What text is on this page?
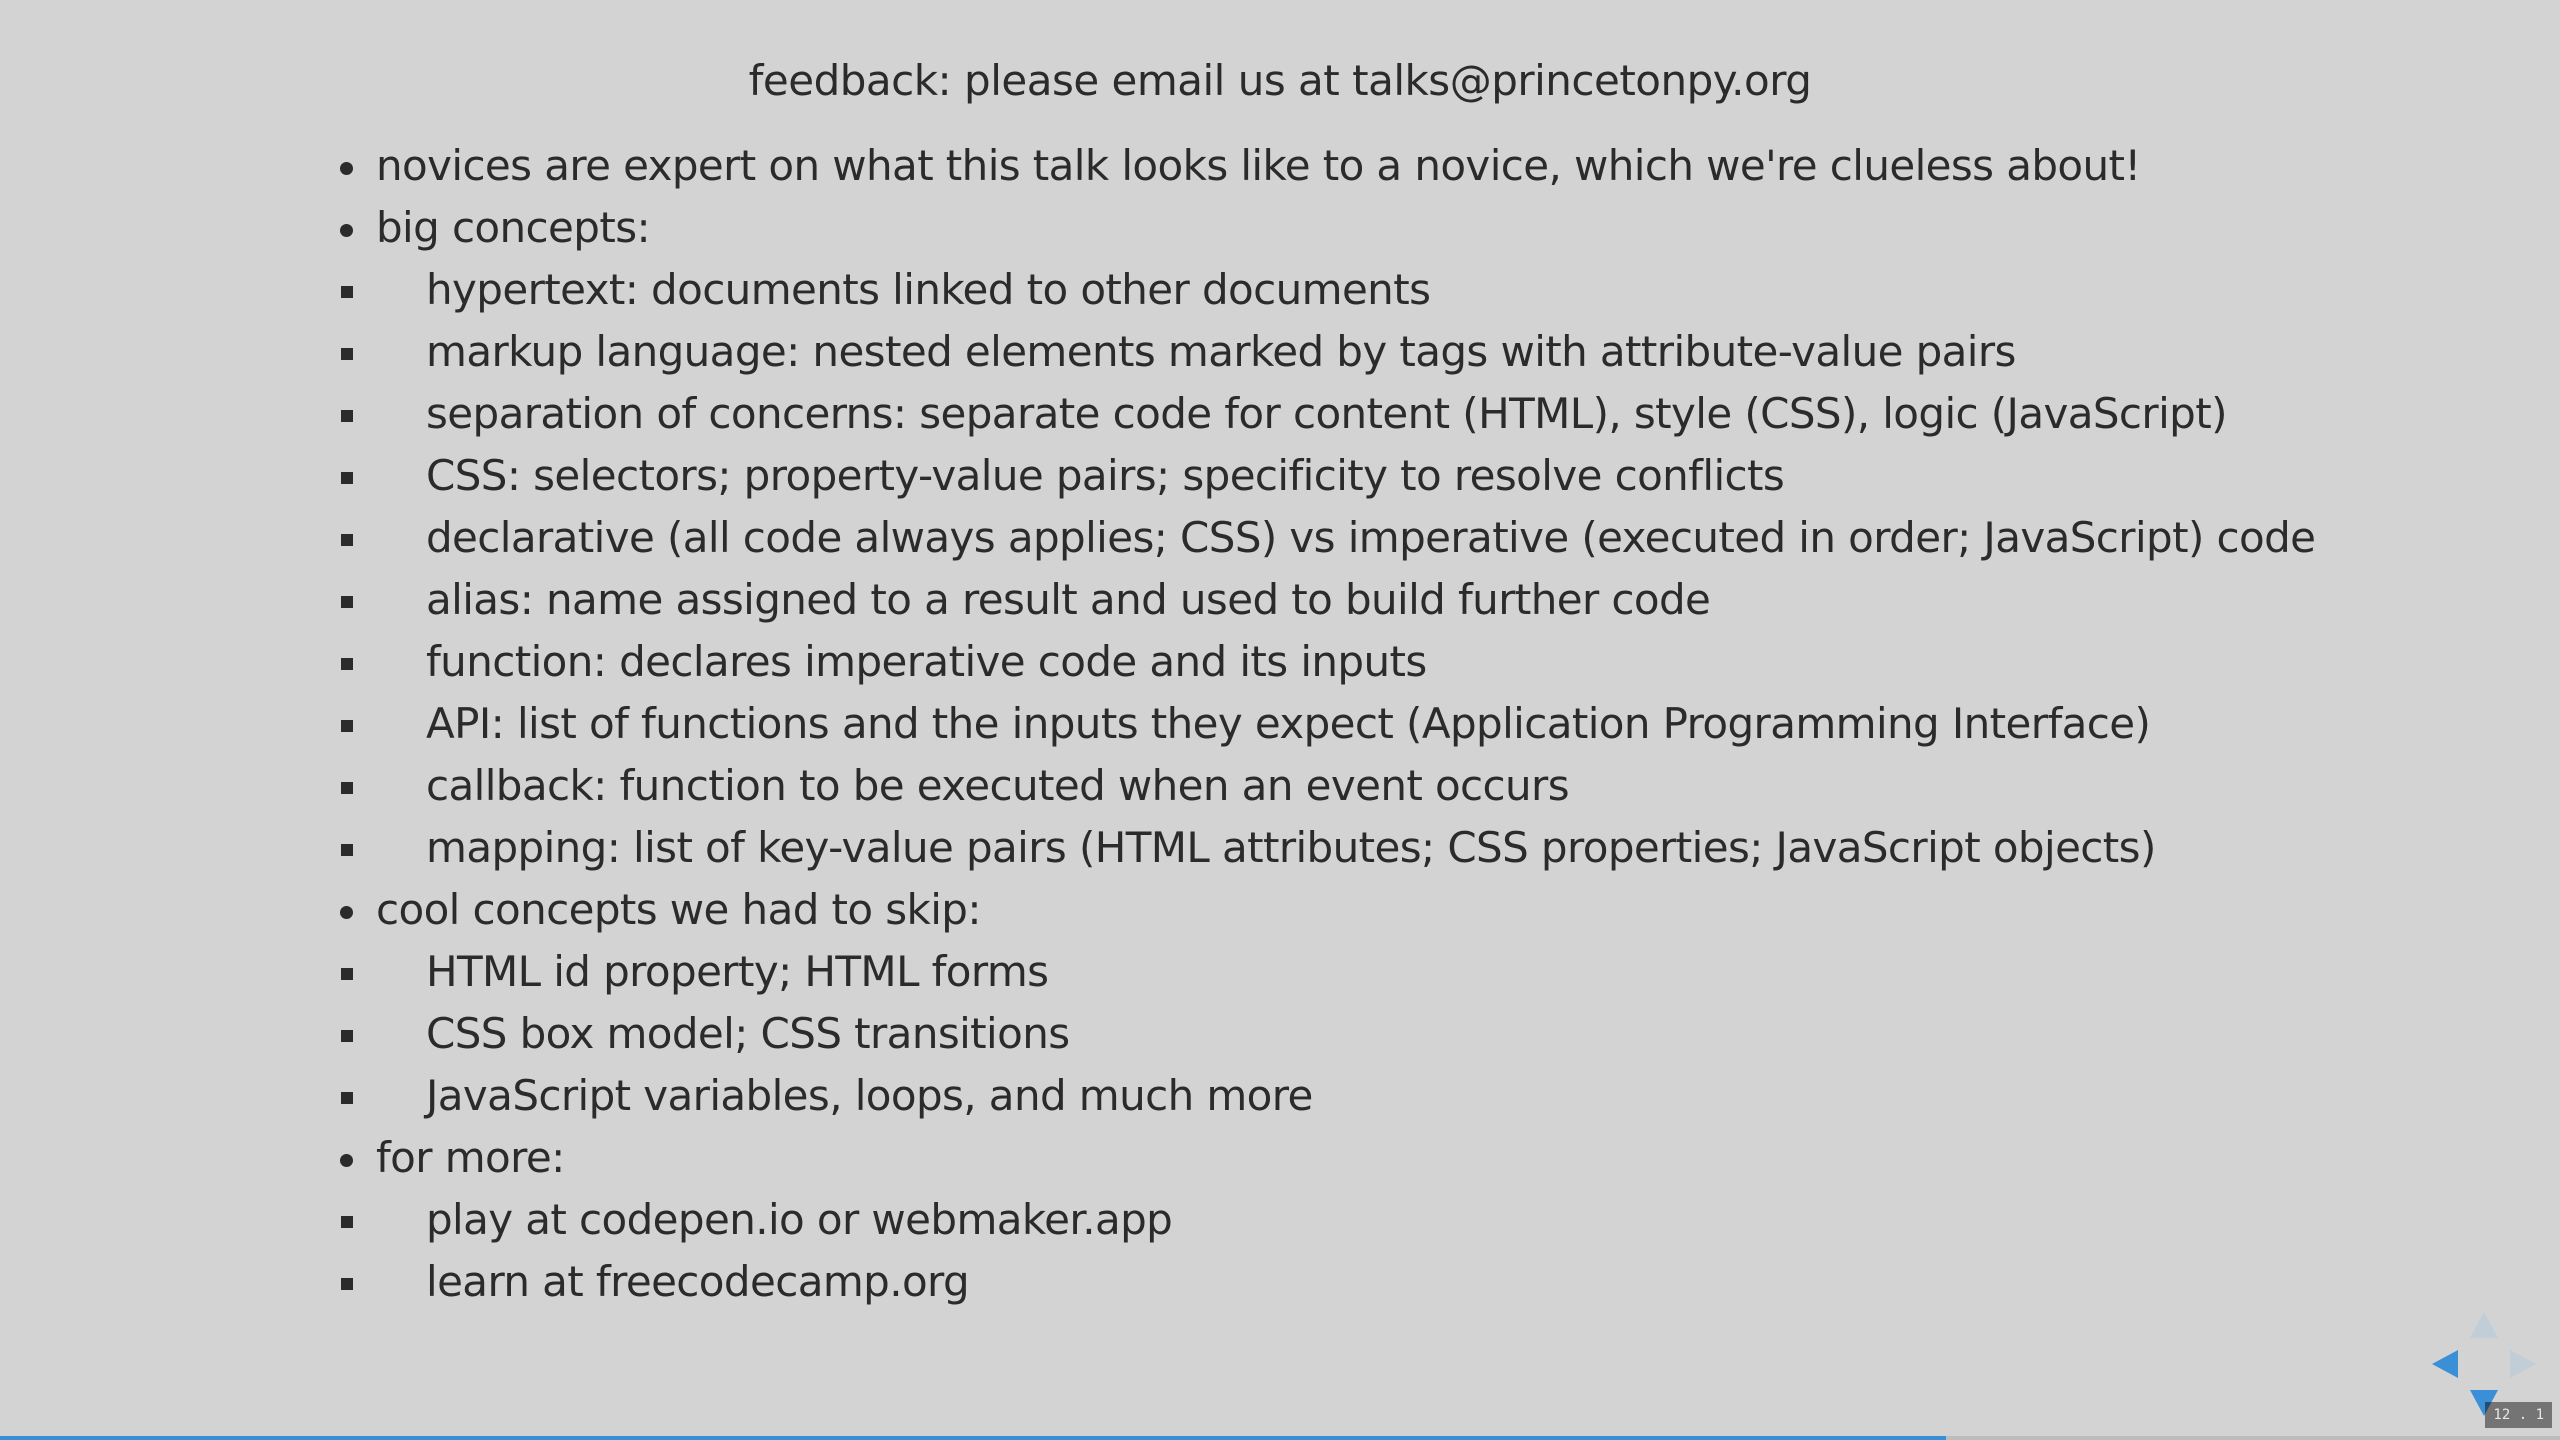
feedback: please email us at talks@princetonpy.org
novices are expert on what this talk looks like to a novice, which we're clueless about!
big concepts:
hypertext: documents linked to other documents
markup language: nested elements marked by tags with attribute-value pairs
separation of concerns: separate code for content (HTML), style (CSS), logic (JavaScript)
CSS: selectors; property-value pairs; specificity to resolve conflicts
declarative (all code always applies; CSS) vs imperative (executed in order; JavaScript) code
alias: name assigned to a result and used to build further code
function: declares imperative code and its inputs
API: list of functions and the inputs they expect (Application Programming Interface)
callback: function to be executed when an event occurs
mapping: list of key-value pairs (HTML attributes; CSS properties; JavaScript objects)
cool concepts we had to skip:
HTML id property; HTML forms
CSS box model; CSS transitions
JavaScript variables, loops, and much more
for more:
play at codepen.io or webmaker.app
learn at freecodecamp.org
12 . 1
